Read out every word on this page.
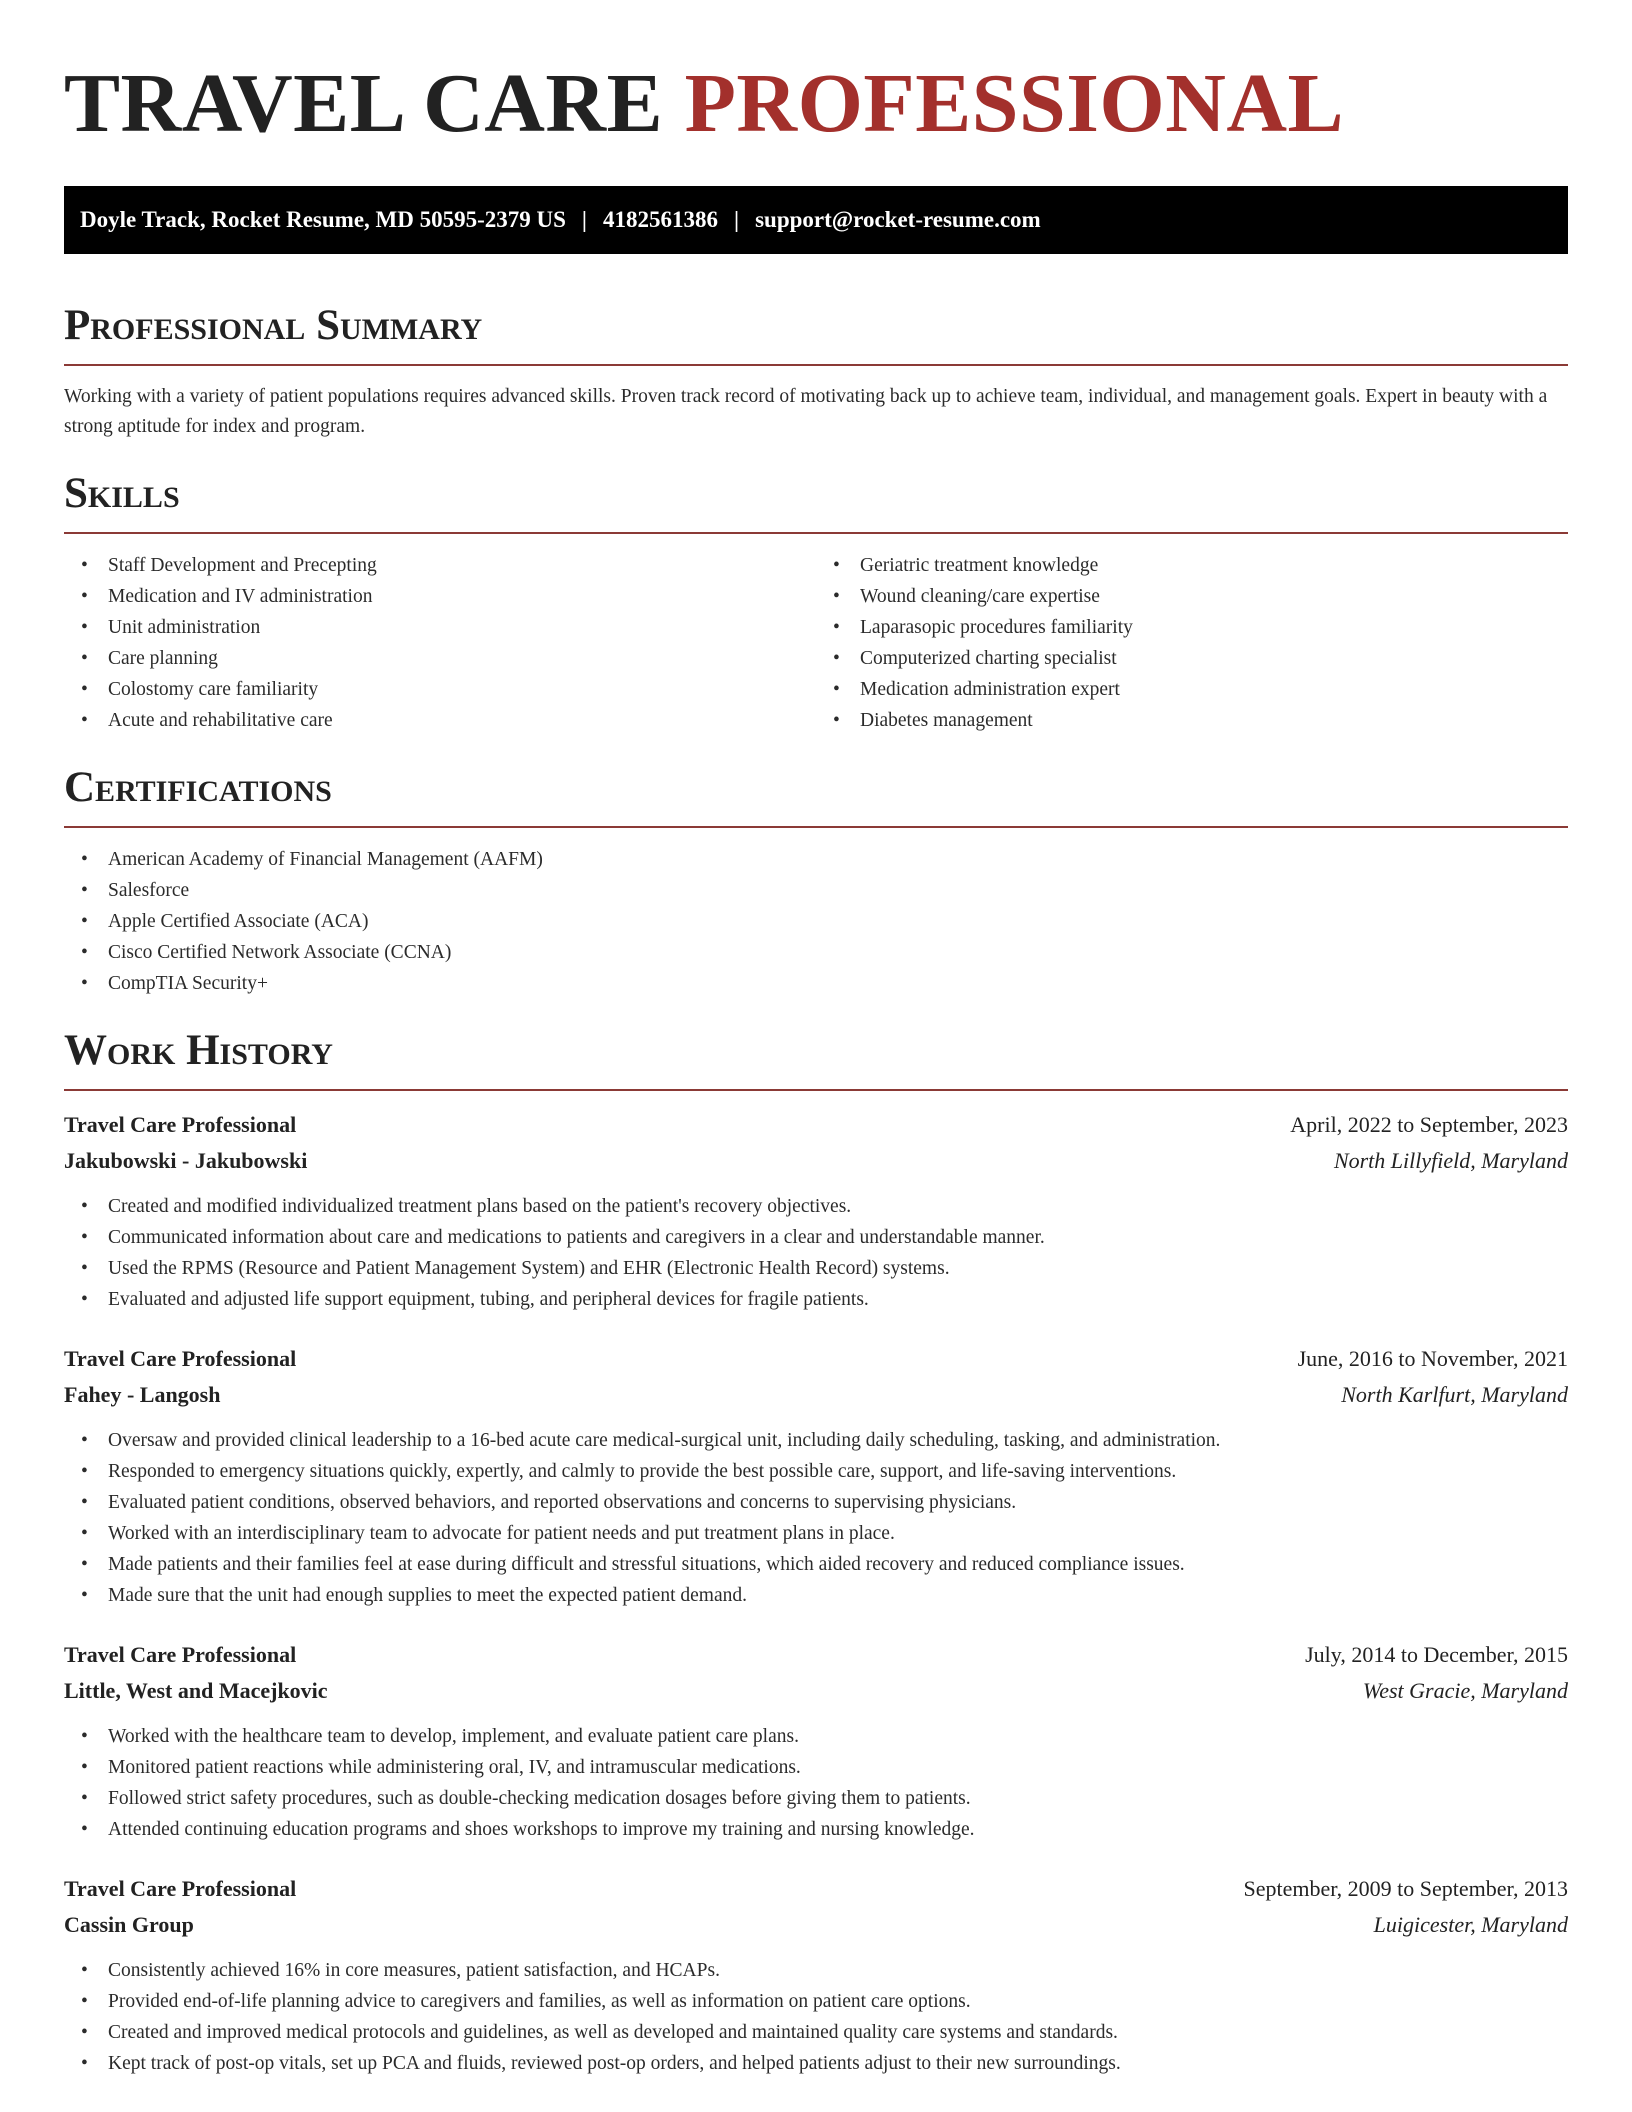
TRAVEL CARE PROFESSIONAL
Doyle Track, Rocket Resume, MD 50595-2379 US | 4182561386 | support@rocket-resume.com
Professional Summary

Working with a variety of patient populations requires advanced skills. Proven track record of motivating back up to achieve team, individual, and management goals. Expert in beauty with a strong aptitude for index and program.

Skills
• Staff Development and Precepting
• Medication and IV administration
• Unit administration
• Care planning
• Colostomy care familiarity
• Acute and rehabilitative care
• Geriatric treatment knowledge
• Wound cleaning/care expertise
• Laparasopic procedures familiarity
• Computerized charting specialist
• Medication administration expert
• Diabetes management
Certifications
• American Academy of Financial Management (AAFM)
• Salesforce
• Apple Certified Associate (ACA)
• Cisco Certified Network Associate (CCNA)
• CompTIA Security+
Work History
Travel Care Professional	April, 2022 to September, 2023
Jakubowski - Jakubowski	North Lillyfield, Maryland
• Created and modified individualized treatment plans based on the patient's recovery objectives.
• Communicated information about care and medications to patients and caregivers in a clear and understandable manner.
• Used the RPMS (Resource and Patient Management System) and EHR (Electronic Health Record) systems.
• Evaluated and adjusted life support equipment, tubing, and peripheral devices for fragile patients.
Travel Care Professional	June, 2016 to November, 2021
Fahey - Langosh	North Karlfurt, Maryland
• Oversaw and provided clinical leadership to a 16-bed acute care medical-surgical unit, including daily scheduling, tasking, and administration.
• Responded to emergency situations quickly, expertly, and calmly to provide the best possible care, support, and life-saving interventions.
• Evaluated patient conditions, observed behaviors, and reported observations and concerns to supervising physicians.
• Worked with an interdisciplinary team to advocate for patient needs and put treatment plans in place.
• Made patients and their families feel at ease during difficult and stressful situations, which aided recovery and reduced compliance issues.
• Made sure that the unit had enough supplies to meet the expected patient demand.
Travel Care Professional	July, 2014 to December, 2015
Little, West and Macejkovic	West Gracie, Maryland
• Worked with the healthcare team to develop, implement, and evaluate patient care plans.
• Monitored patient reactions while administering oral, IV, and intramuscular medications.
• Followed strict safety procedures, such as double-checking medication dosages before giving them to patients.
• Attended continuing education programs and shoes workshops to improve my training and nursing knowledge.
Travel Care Professional	September, 2009 to September, 2013
Cassin Group	Luigicester, Maryland
• Consistently achieved 16% in core measures, patient satisfaction, and HCAPs.
• Provided end-of-life planning advice to caregivers and families, as well as information on patient care options.
• Created and improved medical protocols and guidelines, as well as developed and maintained quality care systems and standards.
• Kept track of post-op vitals, set up PCA and fluids, reviewed post-op orders, and helped patients adjust to their new surroundings.
